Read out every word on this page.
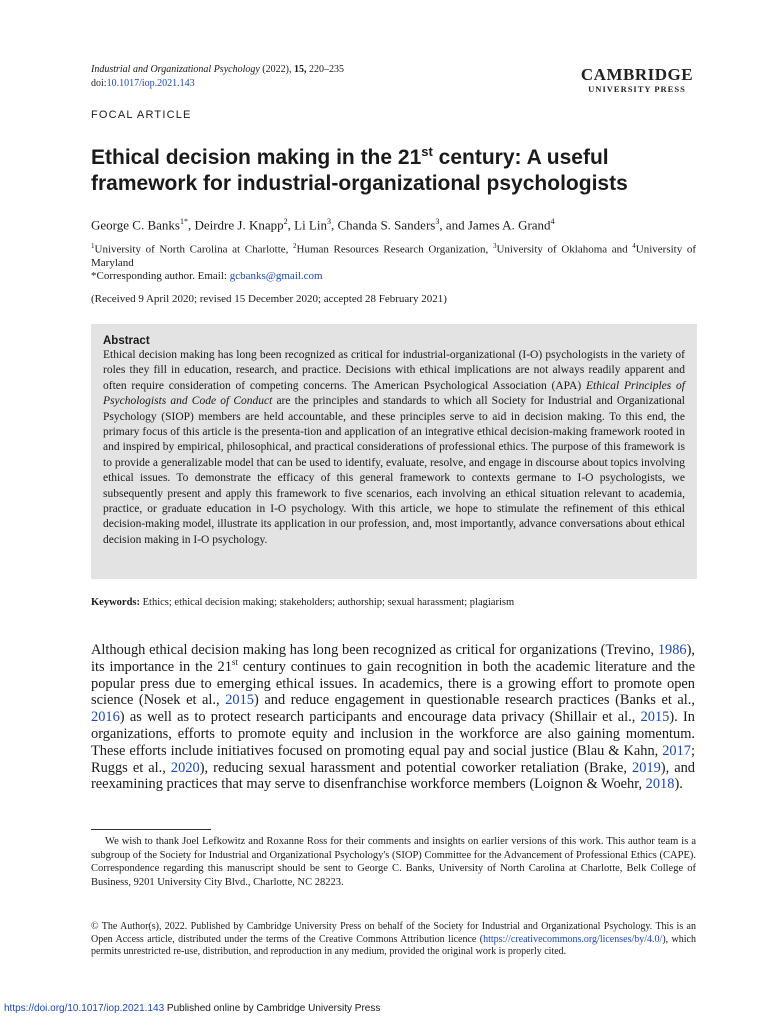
Industrial and Organizational Psychology (2022), 15, 220–235
doi:10.1017/iop.2021.143	CAMBRIDGE
UNIVERSITY PRESS
FOCAL ARTICLE
Ethical decision making in the 21st century: A useful framework for industrial-organizational psychologists
George C. Banks$^{1*}$, Deirdre J. Knapp$^2$, Li Lin$^3$, Chanda S. Sanders$^3$, and James A. Grand$^4$
$^1$University of North Carolina at Charlotte, $^2$Human Resources Research Organization, $^3$University of Oklahoma and $^4$University of Maryland
*Corresponding author. Email: gcbanks@gmail.com
(Received 9 April 2020; revised 15 December 2020; accepted 28 February 2021)
Abstract
Ethical decision making has long been recognized as critical for industrial-organizational (I-O) psychologists in the variety of roles they fill in education, research, and practice. Decisions with ethical implications are not always readily apparent and often require consideration of competing concerns. The American Psychological Association (APA) Ethical Principles of Psychologists and Code of Conduct are the principles and standards to which all Society for Industrial and Organizational Psychology (SIOP) members are held accountable, and these principles serve to aid in decision making. To this end, the primary focus of this article is the presenta-tion and application of an integrative ethical decision-making framework rooted in and inspired by empirical, philosophical, and practical considerations of professional ethics. The purpose of this framework is to provide a generalizable model that can be used to identify, evaluate, resolve, and engage in discourse about topics involving ethical issues. To demonstrate the efficacy of this general framework to contexts germane to I-O psychologists, we subsequently present and apply this framework to five scenarios, each involving an ethical situation relevant to academia, practice, or graduate education in I-O psychology. With this article, we hope to stimulate the refinement of this ethical decision-making model, illustrate its application in our profession, and, most importantly, advance conversations about ethical decision making in I-O psychology.
Keywords: Ethics; ethical decision making; stakeholders; authorship; sexual harassment; plagiarism
Although ethical decision making has long been recognized as critical for organizations (Trevino, 1986), its importance in the 21st century continues to gain recognition in both the academic literature and the popular press due to emerging ethical issues. In academics, there is a growing effort to promote open science (Nosek et al., 2015) and reduce engagement in questionable research practices (Banks et al., 2016) as well as to protect research participants and encourage data privacy (Shillair et al., 2015). In organizations, efforts to promote equity and inclusion in the workforce are also gaining momentum. These efforts include initiatives focused on promoting equal pay and social justice (Blau & Kahn, 2017; Ruggs et al., 2020), reducing sexual harassment and potential coworker retaliation (Brake, 2019), and reexamining practices that may serve to disenfranchise workforce members (Loignon & Woehr, 2018).
We wish to thank Joel Lefkowitz and Roxanne Ross for their comments and insights on earlier versions of this work. This author team is a subgroup of the Society for Industrial and Organizational Psychology's (SIOP) Committee for the Advancement of Professional Ethics (CAPE). Correspondence regarding this manuscript should be sent to George C. Banks, University of North Carolina at Charlotte, Belk College of Business, 9201 University City Blvd., Charlotte, NC 28223.
© The Author(s), 2022. Published by Cambridge University Press on behalf of the Society for Industrial and Organizational Psychology. This is an Open Access article, distributed under the terms of the Creative Commons Attribution licence (https://creativecommons.org/licenses/by/4.0/), which permits unrestricted re-use, distribution, and reproduction in any medium, provided the original work is properly cited.
https://doi.org/10.1017/iop.2021.143 Published online by Cambridge University Press
